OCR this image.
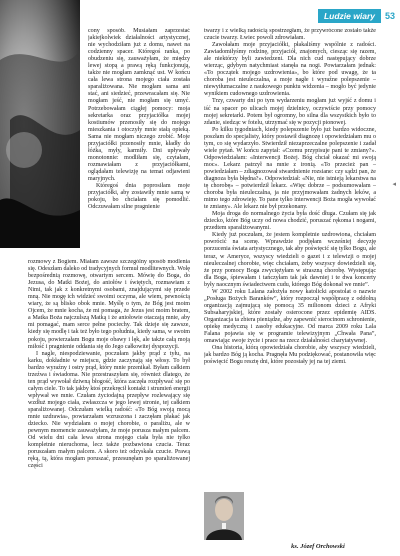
Ludzie wiary	53

cony sposób. Musiałam zaprzestać jakiejkolwiek działalności artystycznej, nie wychodziłam już z domu, nawet na codzienny spacer. Któregoś ranka, po obudzeniu się, zauważyłam, że między lewej stopą a prawą ręką funkcjonują, także nie mogłam zamknąć ust. W końcu cała lewa strona mojego ciała została sparaliżowana. Nie mogłam sama ani stać, ani siedzieć, przewracałam się. Nie mogłam jeść, nie mogłam się umyć. Potrzebowałam ciągłej pomocy: moja sekretarka oraz przyjaciółka mojej kostiumów przenosiły się do mojego mieszkania i otoczyły mnie stałą opieką. Sama nie mogłam niczego zrobić. Moje przyjaciółki przenosiły mnie, kładły do łóżka, myły, karmiły. Dni upływały monotonnie: modliłam się, czytałam, rozmawiałam z przyjaciółkami, oglądałam telewizję na temat odjawieni maryjnych.

Któregoś dnia poprosiłam moje przyjaciółki, aby zostawiły mnie samą w pokoju, bo chciałam się pomodlić. Odczuwałam silne pragnienie

rozmowy z Bogiem. Miałam zawsze szczególny sposób modlenia się. Odeszłam daleko od tradycyjnych formuł modlitewnych. Wolę bezpośrednią rozmowę, otwartym sercem. Mówię do Boga, do Jezusa, do Matki Bożej, do aniołów i świętych, rozmawiam z Nimi, tak jak z konkretnymi osobami, znajdującymi się przede mną. Nie mogę ich widzieć swoimi oczyma, ale wiem, pewnością wiary, że są blisko obok mnie. Myślę o tym, że Bóg jest moim Ojcem, że mnie kocha, że mi pomaga, że Jezus jest moim bratem, a Matka Boża najczulszą Matką i że aniołowie otaczają mnie, aby mi pomagać, mam serce pełne pociechy. Tak dzieje się zawsze, kiedy się modlę i tak też było tego południa, kiedy sama, w swoim pokoju, powierzałam Bogu moje obawy i lęk, ale także całą moją miłość i pragnienie oddania się do Jego całkowitej dyspozycji.

I nagle, niespodziewanie, poczułam jakby prąd z tyłu, na karku, dokładnie w miejscu, gdzie zaczynają się włosy. To był bardzo wyraźny i ostry prąd, który mnie przenikał. Byłam całkiem trzeźwa i świadoma. Nie przestraszyłam się, również dlatego, że ten prąd wywołał dziwną błogość, która zaczęła rozpływać się po całym ciele. To tak jakby ktoś przekręcił kontakt i strumień energii wpływał we mnie. Czułam życiodajną przepływ rozlewający się wzdłuż mojego ciała, zwłaszcza w jego lewej stronie, tej całkiem sparaliżowanej. Odczułam wielką radość: «To Bóg swoją mocą mnie uzdrawia», powtarzałam wzruszona i zaczęłam płakać jak dziecko. Nie wydziałam o mojej chorobie, o paraliżu, ale w pewnym momencie zauważyłam, że moje porusza małym palcem. Od wielu dni cała lewa strona mojego ciała była nie tylko kompletnie nieruchoma, lecz także pozbawiona czucia. Teraz poruszałam małym palcem. A skoro też odzyskała czucie. Prawą ręką, tą, która mogłam poruszać, przesunęłam po sparaliżowanej części

twarzy i z wielką radością spostrzegłam, że przywrócone zostało także czucie twarzy. Łwiec powoli zdrowiałam.

Zawołałam moje przyjaciółki, płakaliśmy wspólnie z radości. Zawiadomiłyśmy rodzinę, przyjaciół, znajomych, ciesząc się razem, ale niektórzy byli zawiedzeni. Dla nich cud następujący dobrze wierząc, gdybym natychmiast stanęła na nogi. Powtarzałam jednak: «To początek mojego uzdrowienia», bo które pod uwagę, że ta choroba jest nieuleczalna, a moje nagłe i wyraźne polepszenie – niewytłumaczalne z naukowego punktu widzenia – mogło być jedynie wynikiem cudownego uzdrowienia.

Trzy, czwarty dni po tym wydarzeniu mogłam już wyjść z domu i iść na spacer po ulicach mojej dzielnicy, oczywiście przy pomocy mojej sekretarki. Potem był ogromny, bo silna dla wszystkich było to zdanie, siedząc w fotelu, utrzymać się w pozycji pionowej.

Po kilku tygodniach, kiedy polepszenie było już bardzo widoczne, poszłam do specjalisty, który postawił diagnozę i opowiedziałam mu o tym, co się wydarzyło. Stwierdził niezaprzeczalne polepszenie i zadał wiele pytań. W końcu zapytał: «Czemu przypisuje pani te zmiany?». Odpowiedziałam: «Interwencji Bożej. Bóg chciał okazać mi swoją moc». Lekarz patrzył na mnie z ironią. «To przecież pan – powiedziałam – zdiagnozował stwardnienie rozsiane: czy sądzi pan, że diagnoza była błędna?». Odpowiedział: «Nie, nie istnieją lekarstwa na tę chorobę» – potwierdził lekarz. «Więc dobrze – podsumowałam – choroba była nieuleczalna, ja nie przyjmowałam żadnych leków, a mimo tego zdrowieję. To pane tylko interwencji Boża mogła wywołać te zmiany». Ale lekarz nie był przekonany.

Moja droga do normalnego życia była dość długa. Czułam się jak dziecko, które Bóg uczy od nowa chodzić, poruszać rękoma i nogami, przedtem sparaliżowanymi.

Kiedy już poczułam, że jestem kompletnie uzdrowiona, chciałam powrócić na scenę. Wprawdzie podjęłam wcześniej decyzję porzucenia świata artystycznego, tak aby poświęcić się tylko Bogu, ale teraz, w Ameryce, wszyscy wiedzieli o gazet i z telewizji o mojej nieuleczalnej chorobie, więc chciałam, żeby wszyscy dowiedzieli się, że przy pomocy Boga zwyciężyłam w straszną chorobę. Występując dla Boga, śpiewałam i tańczyłam tak jak dawniej i te dwa koncerty były naocznym świadectwem cudu, którego Bóg dokonał we mnie”.

W 2002 roku Lalana założyła nowy katolicki apostolat o nazwie „Posługa Bożych Baranków”, który rozpoczął współpracę z oddolną organizacją zajmującą się pomocą 35 milionom dzieci z Afryki Subsaharyjskiej, które zostały osierocone przez epidemię AIDS. Organizacja ta zbiera pieniądze, aby zapewnić sierocinom schronienie, opiekę medyczną i zasoby edukacyjne. Od marca 2009 roku Lala Falana pojawia się w programie telewizyjnym „Chwała Pana”, omawiając swoje życie i prace na rzecz działalności charytatywnej.

Ona historia, którą opowiedziała chorobie, aby wszyscy wiedzieli, jak bardzo Bóg ją kocha. Pragnęła Mu podziękować, postanowiła więc poświęcić Bogu resztę dni, które pozostały jej na tej ziemi.

◂
ks. Józef Orchowski
